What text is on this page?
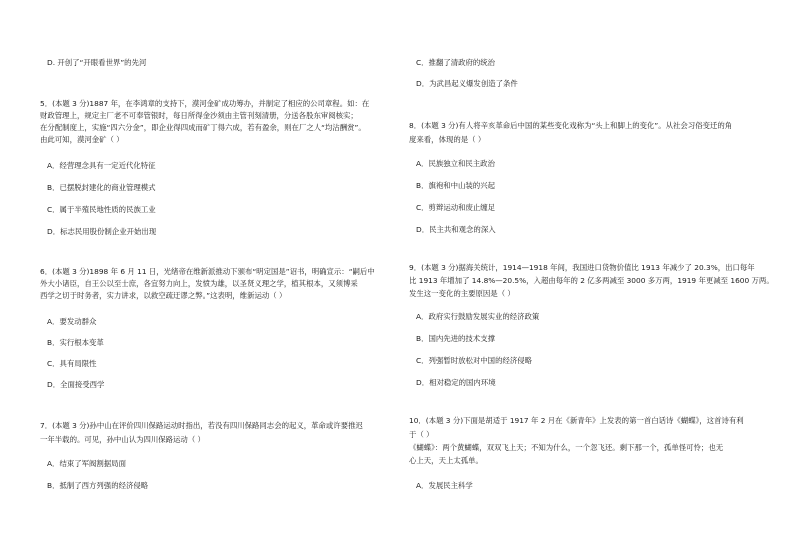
D. 开创了“开眼看世界”的先河
5．(本题 3 分)1887 年，在李鸿章的支持下，漠河金矿成功筹办，并制定了相应的公司章程。如：在
财政管理上，规定主厂老不可奉管银时，每日所得金沙须由主管刊刻清册，分送各股东审阅核实；
在分配制度上，实施“四六分金”，即企业得四成而矿丁得六成，若有盈余，则在厂之人“均沾酬赏”。
由此可知，漠河金矿（ ）
A．经营理念具有一定近代化特征
B．已摆脱封建化的商业管理模式
C．属于半殖民地性质的民族工业
D．标志民用股份制企业开始出现
6．(本题 3 分)1898 年 6 月 11 日，光绪帝在维新派推动下颁布“明定国是”诏书，明确宣示：“嗣后中
外大小诸臣，自王公以至士庶，各宜努力向上，发愤为雄，以圣贤义理之学，植其根本，又须博采
西学之切于时务者，实力讲求，以救空疏迂谬之弊。”这表明，维新运动（ ）
A．要发动群众
B．实行根本变革
C．具有局限性
D．全面接受西学
7．(本题 3 分)孙中山在评价四川保路运动时指出，若没有四川保路同志会的起义，革命或许要推迟
一年半载的。可见，孙中山认为四川保路运动（ ）
A．结束了军阀割据局面
B．抵制了西方列强的经济侵略
C．推翻了清政府的统治
D．为武昌起义爆发创造了条件
8．(本题 3 分)有人将辛亥革命后中国的某些变化戏称为“头上和脚上的变化”。从社会习俗变迁的角
度来看，体现的是（ ）
A．民族独立和民主政治
B．旗袍和中山装的兴起
C．剪辫运动和废止缠足
D．民主共和观念的深入
9．(本题 3 分)据海关统计，1914—1918 年间，我国进口货物价值比 1913 年减少了 20.3%，出口每年
比 1913 年增加了 14.8%—20.5%，入超由每年的 2 亿多两减至 3000 多万两，1919 年更减至 1600 万两。
发生这一变化的主要原因是（ ）
A．政府实行鼓励发展实业的经济政策
B．国内先进的技术支撑
C．列强暂时放松对中国的经济侵略
D．相对稳定的国内环境
10．(本题 3 分)下面是胡适于 1917 年 2 月在《新青年》上发表的第一首白话诗《蝴蝶》，这首诗有利
于（ ）
《蝴蝶》：两个黄蝴蝶，双双飞上天；不知为什么，一个忽飞还。剩下那一个，孤单怪可怜；也无
心上天，天上太孤单。
A．发展民主科学
